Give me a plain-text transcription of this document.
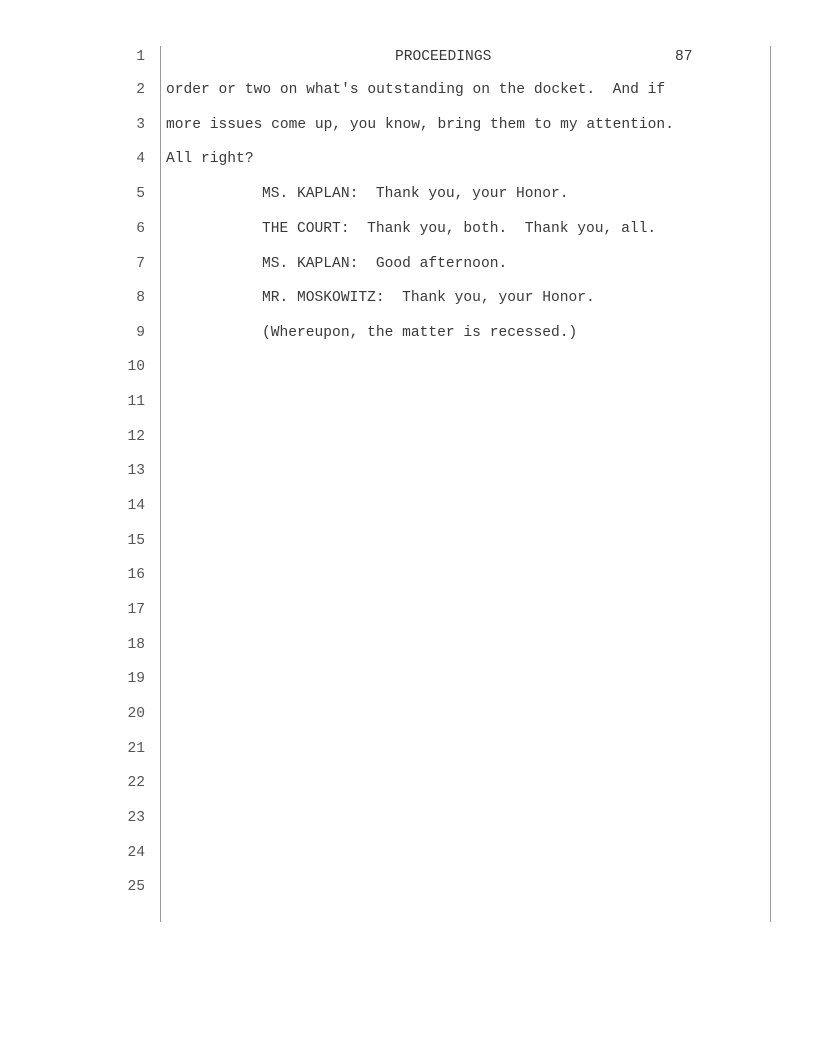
1

	PROCEEDINGS

	87

2

order or two on what's outstanding on the docket.  And if

3

more issues come up, you know, bring them to my attention.

4

All right?

5

	MS. KAPLAN:  Thank you, your Honor.

6

	THE COURT:  Thank you, both.  Thank you, all.

7

	MS. KAPLAN:  Good afternoon.

8

	MR. MOSKOWITZ:  Thank you, your Honor.

9

	(Whereupon, the matter is recessed.)

10

11

12

13

14

15

16

17

18

19

20

21

22

23

24

25
